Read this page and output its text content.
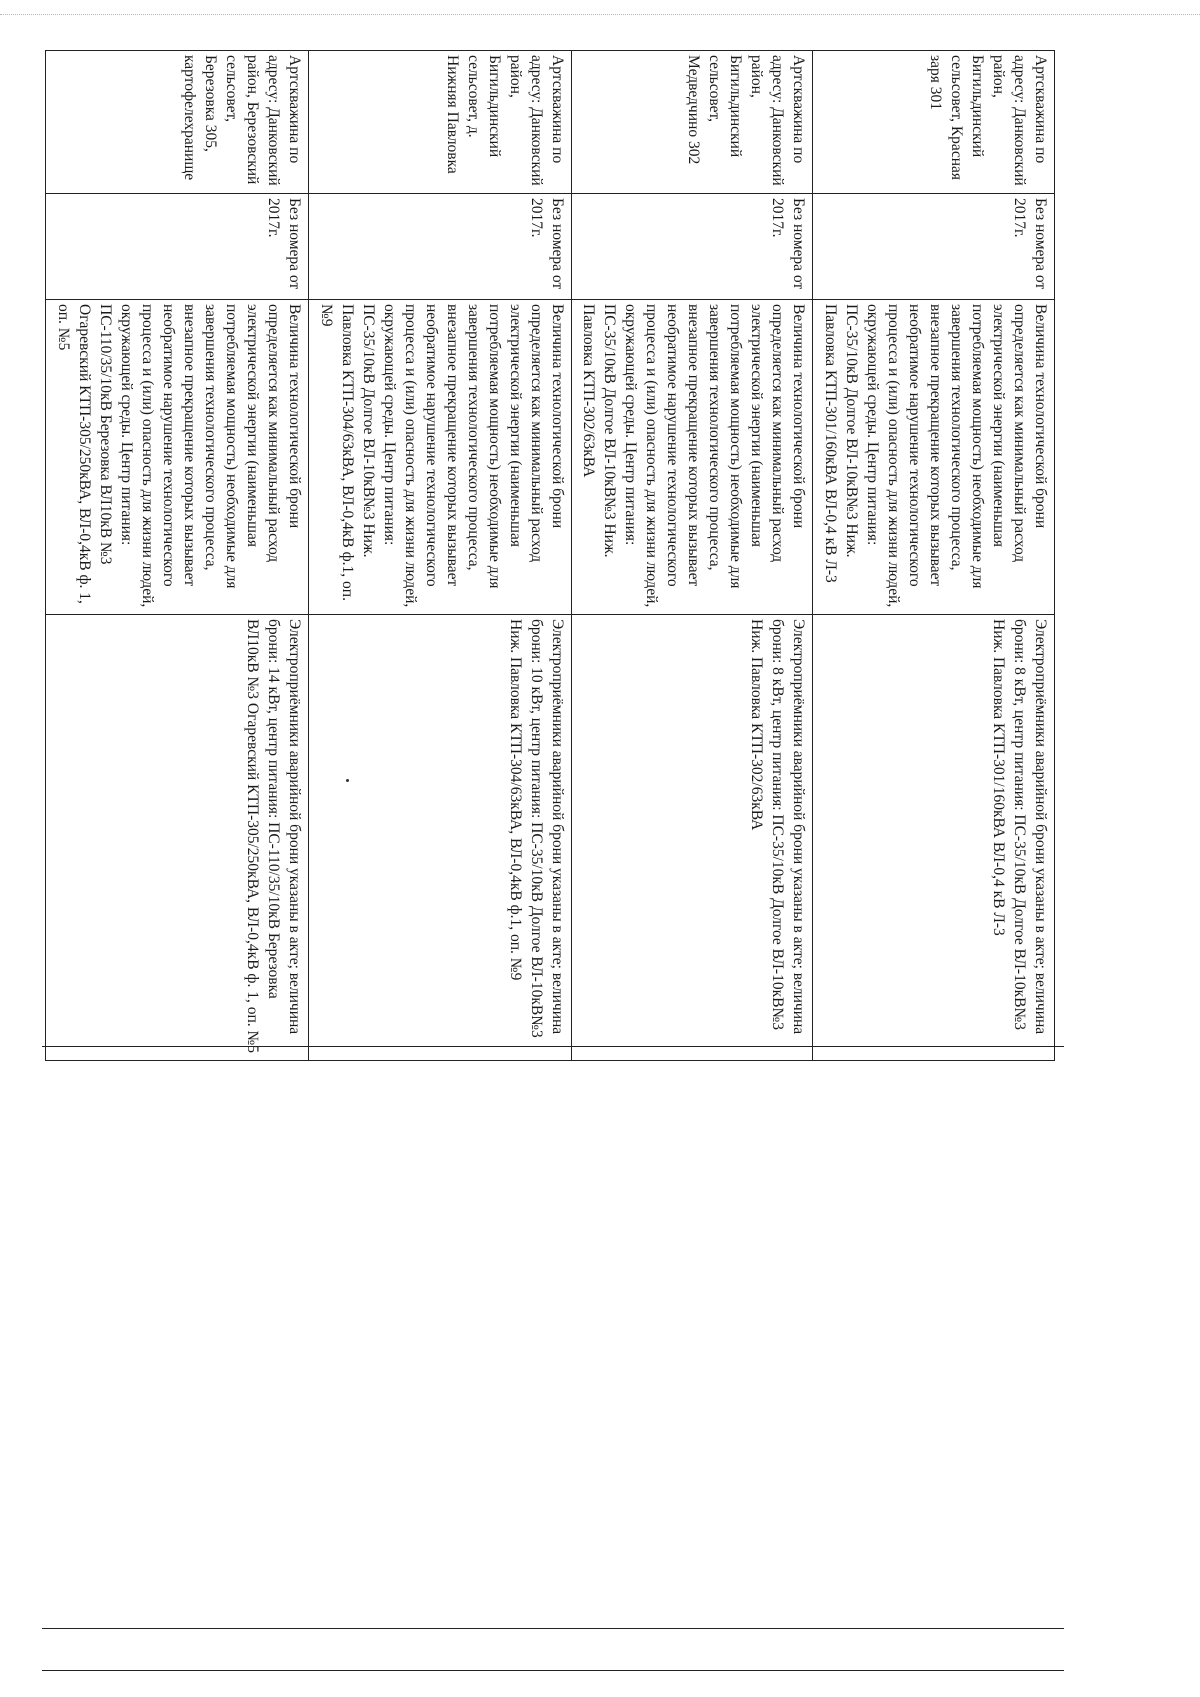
Артскважина по адресу: Данковский район, Бигильдинский сельсовет, Красная заря 301	Без номера от 2017г.	Величина технологической брони определяется как минимальный расход электрической энергии (наименьшая потребляемая мощность) необходимые для завершения технологического процесса, внезапное прекращение которых вызывает необратимое нарушение технологического процесса и (или) опасность для жизни людей, окружающей среды. Центр питания: ПС-35/10кВ Долгое ВЛ-10кВ№3 Ниж. Павловка КТП-301/160кВА ВЛ-0,4 кВ Л-3	Электроприёмники аварийной брони указаны в акте; величина брони: 8 кВт, центр питания: ПС-35/10кВ Долгое ВЛ-10кВ№3 Ниж. Павловка КТП-301/160кВА ВЛ-0,4 кВ Л-3
Артскважина по адресу: Данковский район, Бигильдинский сельсовет, Медведчино 302	Без номера от 2017г.	Величина технологической брони определяется как минимальный расход электрической энергии (наименьшая потребляемая мощность) необходимые для завершения технологического процесса, внезапное прекращение которых вызывает необратимое нарушение технологического процесса и (или) опасность для жизни людей, окружающей среды. Центр питания: ПС-35/10кВ Долгое ВЛ-10кВ№3 Ниж. Павловка КТП-302/63кВА	Электроприёмники аварийной брони указаны в акте; величина брони: 8 кВт, центр питания: ПС-35/10кВ Долгое ВЛ-10кВ№3 Ниж. Павловка КТП-302/63кВА
Артскважина по адресу: Данковский район, Бигильдинский сельсовет, д. Нижняя Павловка	Без номера от 2017г.	Величина технологической брони определяется как минимальный расход электрической энергии (наименьшая потребляемая мощность) необходимые для завершения технологического процесса, внезапное прекращение которых вызывает необратимое нарушение технологического процесса и (или) опасность для жизни людей, окружающей среды. Центр питания: ПС-35/10кВ Долгое ВЛ-10кВ№3 Ниж. Павловка КТП-304/63кВА, ВЛ-0,4кВ ф.1, оп. №9	Электроприёмники аварийной брони указаны в акте; величина брони: 10 кВт, центр питания: ПС-35/10кВ Долгое ВЛ-10кВ№3 Ниж. Павловка КТП-304/63кВА, ВЛ-0,4кВ ф.1, оп. №9
Артскважина по адресу: Данковский район, Березовский сельсовет, Березовка 305, картофелехранище	Без номера от 2017г.	Величина технологической брони определяется как минимальный расход электрической энергии (наименьшая потребляемая мощность) необходимые для завершения технологического процесса, внезапное прекращение которых вызывает необратимое нарушение технологического процесса и (или) опасность для жизни людей, окружающей среды. Центр питания: ПС-110/35/10кВ Березовка ВЛ10кВ №3 Огаревский КТП-305/250кВА, ВЛ-0,4кВ ф. 1, оп. №5	Электроприёмники аварийной брони указаны в акте; величина брони: 14 кВт, центр питания: ПС-110/35/10кВ Березовка ВЛ10кВ №3 Огаревский КТП-305/250кВА, ВЛ-0,4кВ ф. 1, оп. №5
